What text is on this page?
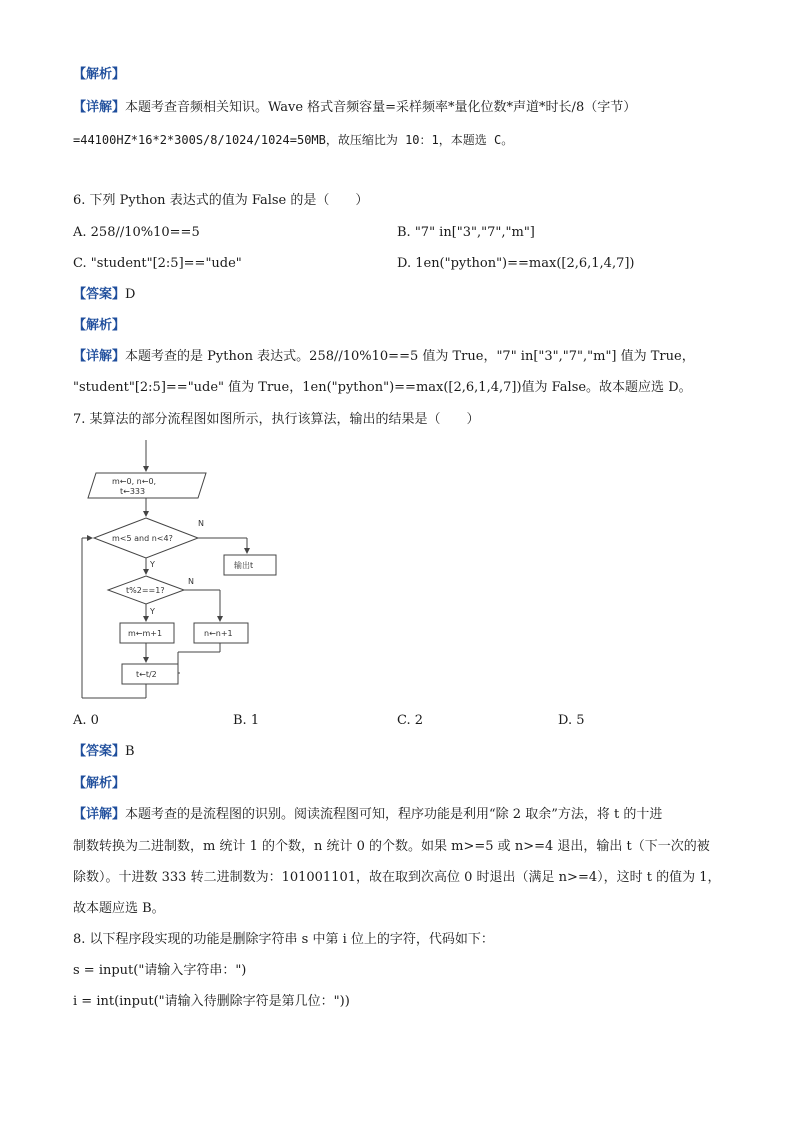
【解析】
【详解】本题考查音频相关知识。Wave 格式音频容量=采样频率*量化位数*声道*时长/8（字节）
=44100HZ*16*2*300S/8/1024/1024=50MB，故压缩比为 10：1，本题选 C。
6. 下列 Python 表达式的值为 False 的是（　　）
A. 258//10%10==5	B. "7" in["3","7","m"]
C. "student"[2:5]=="ude"	D. 1en("python")==max([2,6,1,4,7])
【答案】D
【解析】
【详解】本题考查的是 Python 表达式。258//10%10==5 值为 True，"7" in["3","7","m"] 值为 True，
"student"[2:5]=="ude" 值为 True，1en("python")==max([2,6,1,4,7])值为 False。故本题应选 D。
7. 某算法的部分流程图如图所示，执行该算法，输出的结果是（　　）
m←0, n←0,
t←333
m<5 and n<4?
N
Y	输出t
t%2==1?
N
Y
m←m+1	n←n+1
t←t/2
A. 0	B. 1	C. 2	D. 5
【答案】B
【解析】
【详解】本题考查的是流程图的识别。阅读流程图可知，程序功能是利用“除 2 取余”方法，将 t 的十进
制数转换为二进制数，m 统计 1 的个数，n 统计 0 的个数。如果 m>=5 或 n>=4 退出，输出 t（下一次的被
除数）。十进数 333 转二进制数为：101001101，故在取到次高位 0 时退出（满足 n>=4），这时 t 的值为 1，
故本题应选 B。
8. 以下程序段实现的功能是删除字符串 s 中第 i 位上的字符，代码如下：
s = input("请输入字符串：")
i = int(input("请输入待删除字符是第几位："))
